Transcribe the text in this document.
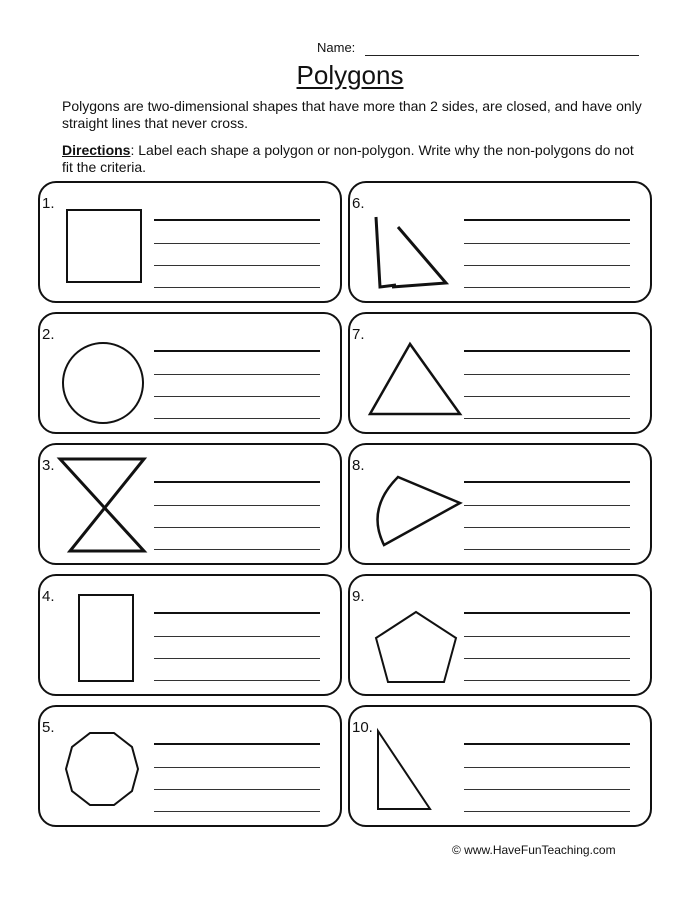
Name:
Polygons
Polygons are two-dimensional shapes that have more than 2 sides, are closed, and have only straight lines that never cross.
Directions: Label each shape a polygon or non-polygon. Write why the non-polygons do not fit the criteria.
1.
2.
3.
4.
5.
6.
7.
8.
9.
10.
© www.HaveFunTeaching.com
